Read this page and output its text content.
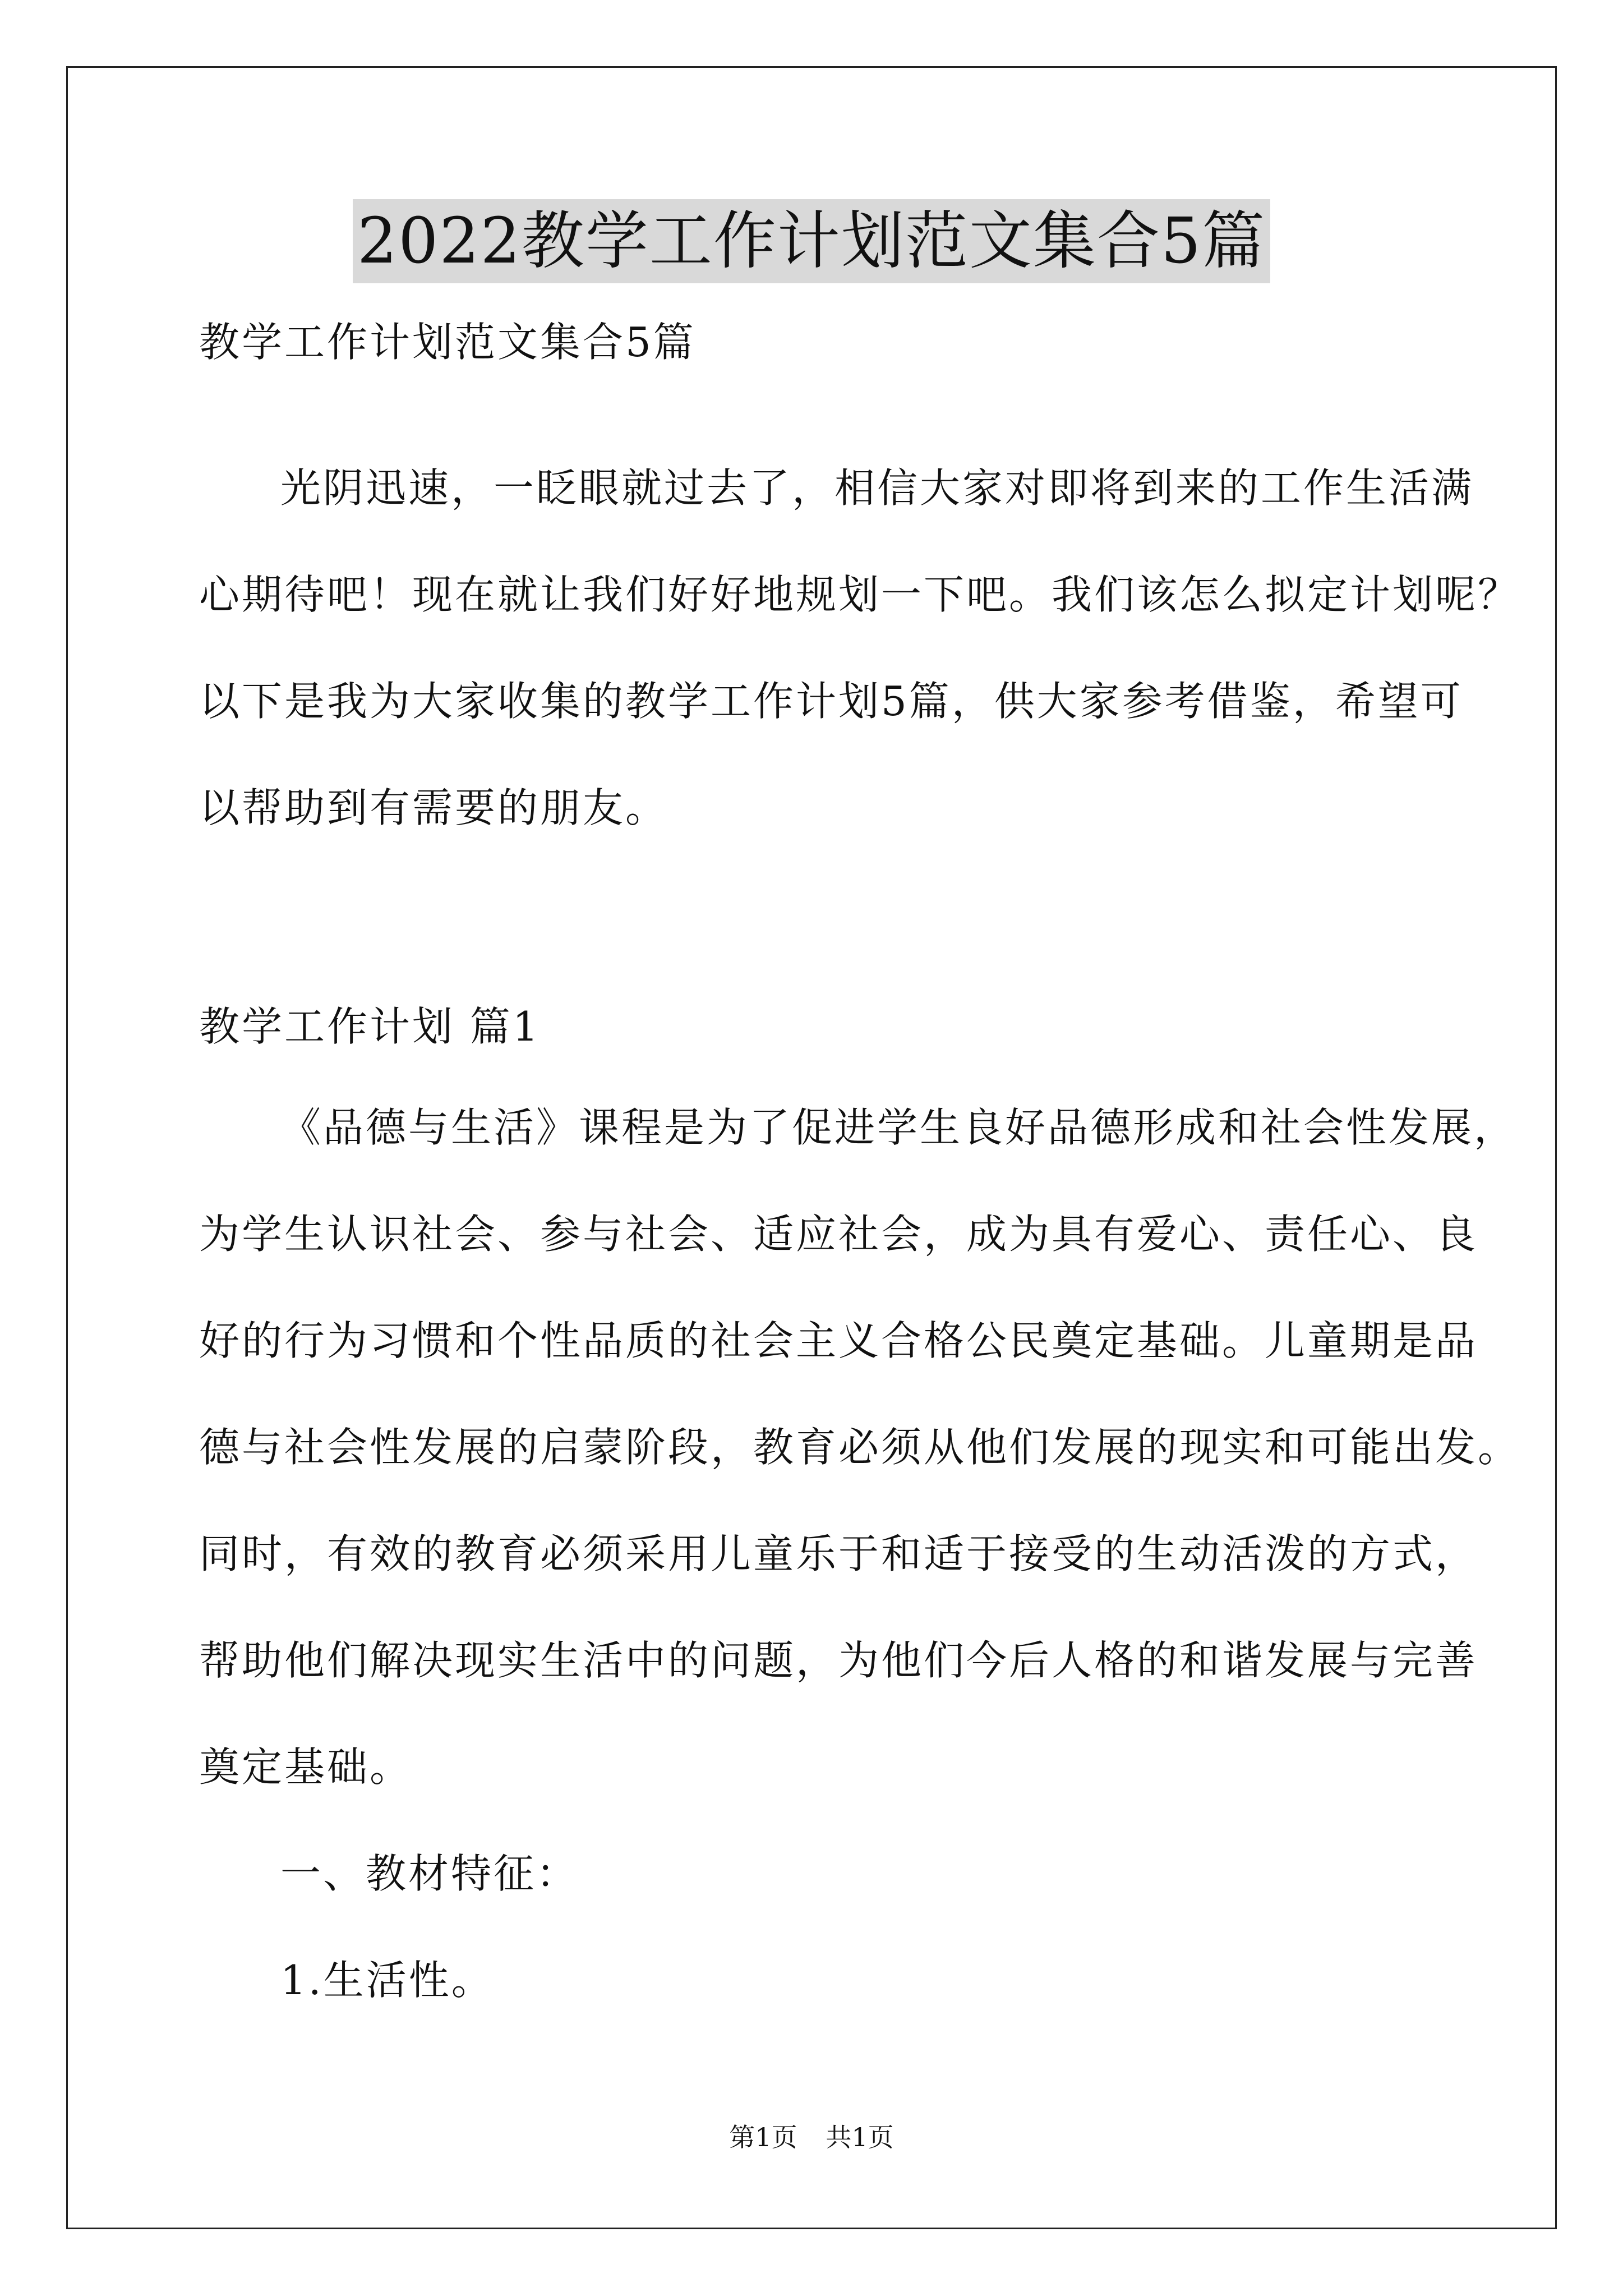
2022教学工作计划范文集合5篇
教学工作计划范文集合5篇
光阴迅速，一眨眼就过去了，相信大家对即将到来的工作生活满
心期待吧！现在就让我们好好地规划一下吧。我们该怎么拟定计划呢？
以下是我为大家收集的教学工作计划5篇，供大家参考借鉴，希望可
以帮助到有需要的朋友。
教学工作计划 篇1
《品德与生活》课程是为了促进学生良好品德形成和社会性发展，
为学生认识社会、参与社会、适应社会，成为具有爱心、责任心、良
好的行为习惯和个性品质的社会主义合格公民奠定基础。儿童期是品
德与社会性发展的启蒙阶段，教育必须从他们发展的现实和可能出发。
同时，有效的教育必须采用儿童乐于和适于接受的生动活泼的方式，
帮助他们解决现实生活中的问题，为他们今后人格的和谐发展与完善
奠定基础。
一、教材特征：
1.生活性。
第1页 共1页
